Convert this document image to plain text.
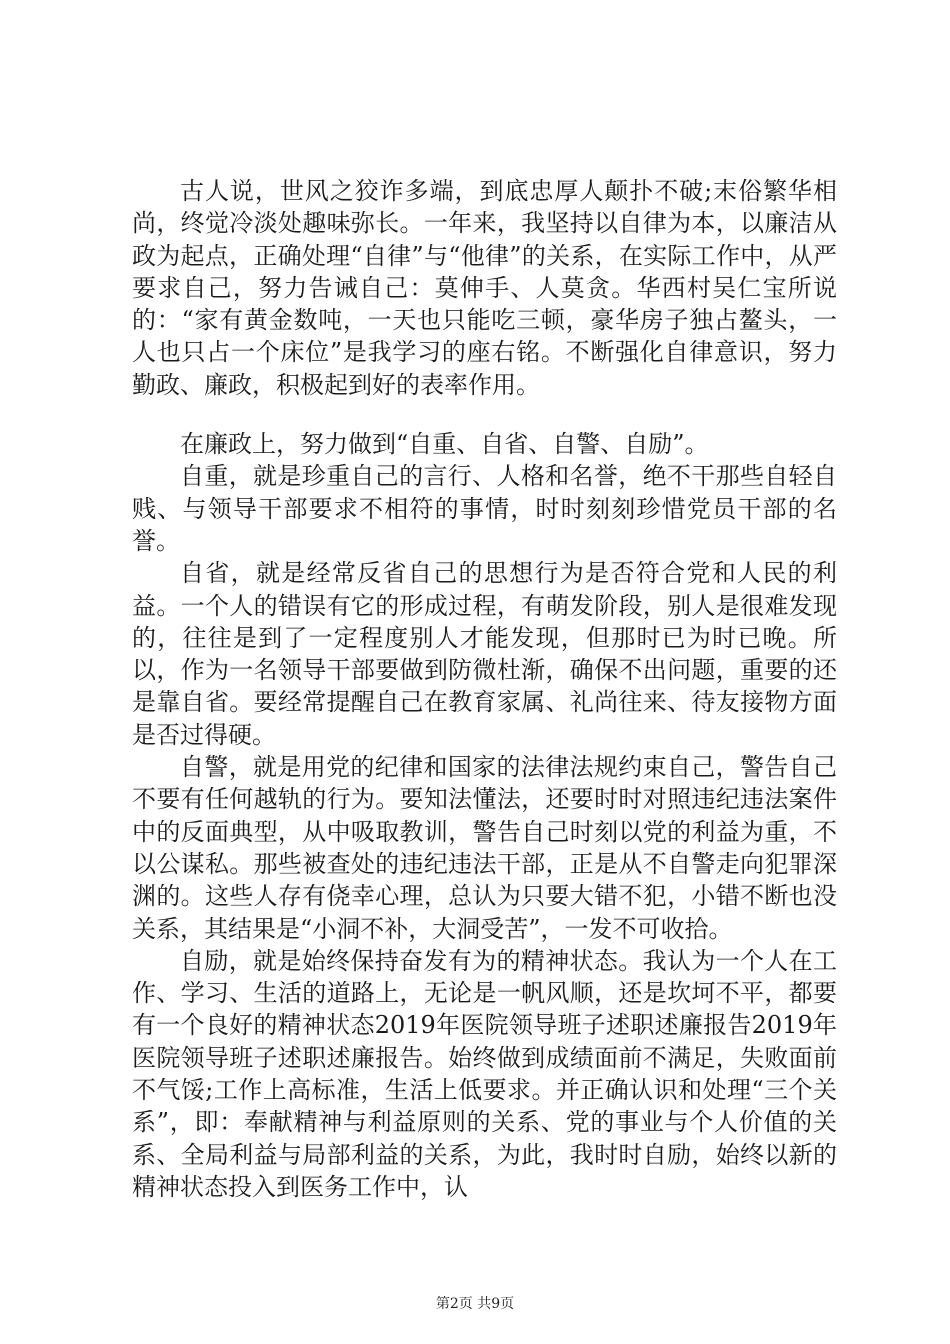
古人说，世风之狡诈多端，到底忠厚人颠扑不破;末俗繁华相尚，终觉冷淡处趣味弥长。一年来，我坚持以自律为本，以廉洁从政为起点，正确处理“自律”与“他律”的关系，在实际工作中，从严要求自己，努力告诫自己：莫伸手、人莫贪。华西村吴仁宝所说的：“家有黄金数吨，一天也只能吃三顿，豪华房子独占鳌头，一人也只占一个床位”是我学习的座右铭。不断强化自律意识，努力勤政、廉政，积极起到好的表率作用。

在廉政上，努力做到“自重、自省、自警、自励”。

自重，就是珍重自己的言行、人格和名誉，绝不干那些自轻自贱、与领导干部要求不相符的事情，时时刻刻珍惜党员干部的名誉。

自省，就是经常反省自己的思想行为是否符合党和人民的利益。一个人的错误有它的形成过程，有萌发阶段，别人是很难发现的，往往是到了一定程度别人才能发现，但那时已为时已晚。所以，作为一名领导干部要做到防微杜渐，确保不出问题，重要的还是靠自省。要经常提醒自己在教育家属、礼尚往来、待友接物方面是否过得硬。

自警，就是用党的纪律和国家的法律法规约束自己，警告自己不要有任何越轨的行为。要知法懂法，还要时时对照违纪违法案件中的反面典型，从中吸取教训，警告自己时刻以党的利益为重，不以公谋私。那些被查处的违纪违法干部，正是从不自警走向犯罪深渊的。这些人存有侥幸心理，总认为只要大错不犯，小错不断也没关系，其结果是“小洞不补，大洞受苦”，一发不可收拾。

自励，就是始终保持奋发有为的精神状态。我认为一个人在工作、学习、生活的道路上，无论是一帆风顺，还是坎坷不平，都要有一个良好的精神状态2019年医院领导班子述职述廉报告2019年医院领导班子述职述廉报告。始终做到成绩面前不满足，失败面前不气馁;工作上高标准，生活上低要求。并正确认识和处理“三个关系”，即：奉献精神与利益原则的关系、党的事业与个人价值的关系、全局利益与局部利益的关系，为此，我时时自励，始终以新的精神状态投入到医务工作中，认

第2页 共9页
